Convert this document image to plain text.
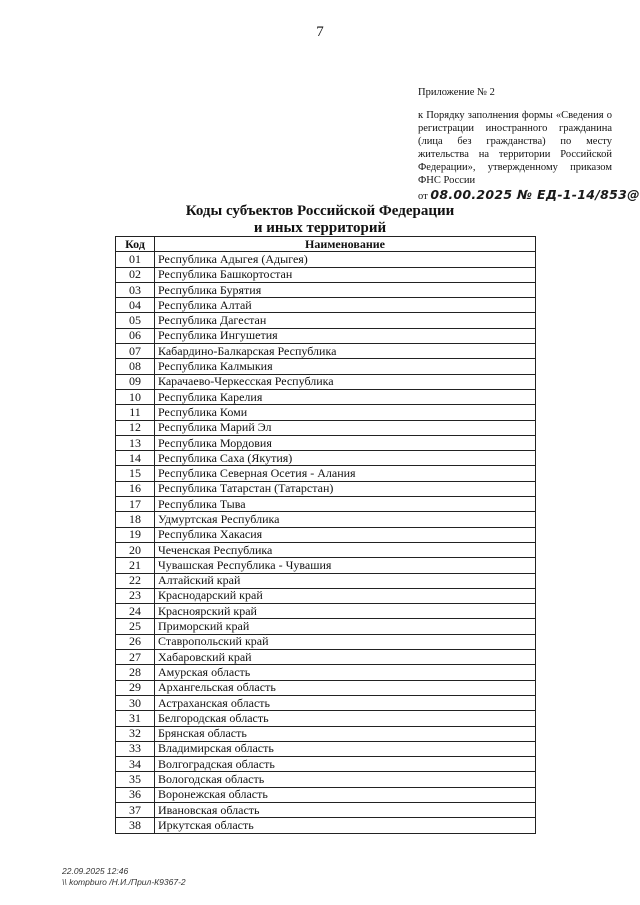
7
Приложение № 2
к Порядку заполнения формы «Сведения о регистрации иностранного гражданина (лица без гражданства) по месту жительства на территории Российской Федерации», утвержденному приказом ФНС России
от 08.00.2025 № ЕД-1-14/853@
Коды субъектов Российской Федерации
и иных территорий
Код	Наименование
01	Республика Адыгея (Адыгея)
02	Республика Башкортостан
03	Республика Бурятия
04	Республика Алтай
05	Республика Дагестан
06	Республика Ингушетия
07	Кабардино-Балкарская Республика
08	Республика Калмыкия
09	Карачаево-Черкесская Республика
10	Республика Карелия
11	Республика Коми
12	Республика Марий Эл
13	Республика Мордовия
14	Республика Саха (Якутия)
15	Республика Северная Осетия - Алания
16	Республика Татарстан (Татарстан)
17	Республика Тыва
18	Удмуртская Республика
19	Республика Хакасия
20	Чеченская Республика
21	Чувашская Республика - Чувашия
22	Алтайский край
23	Краснодарский край
24	Красноярский край
25	Приморский край
26	Ставропольский край
27	Хабаровский край
28	Амурская область
29	Архангельская область
30	Астраханская область
31	Белгородская область
32	Брянская область
33	Владимирская область
34	Волгоградская область
35	Вологодская область
36	Воронежская область
37	Ивановская область
38	Иркутская область
22.09.2025 12:46
\\ kompburo /Н.И./Прил-К9367-2
